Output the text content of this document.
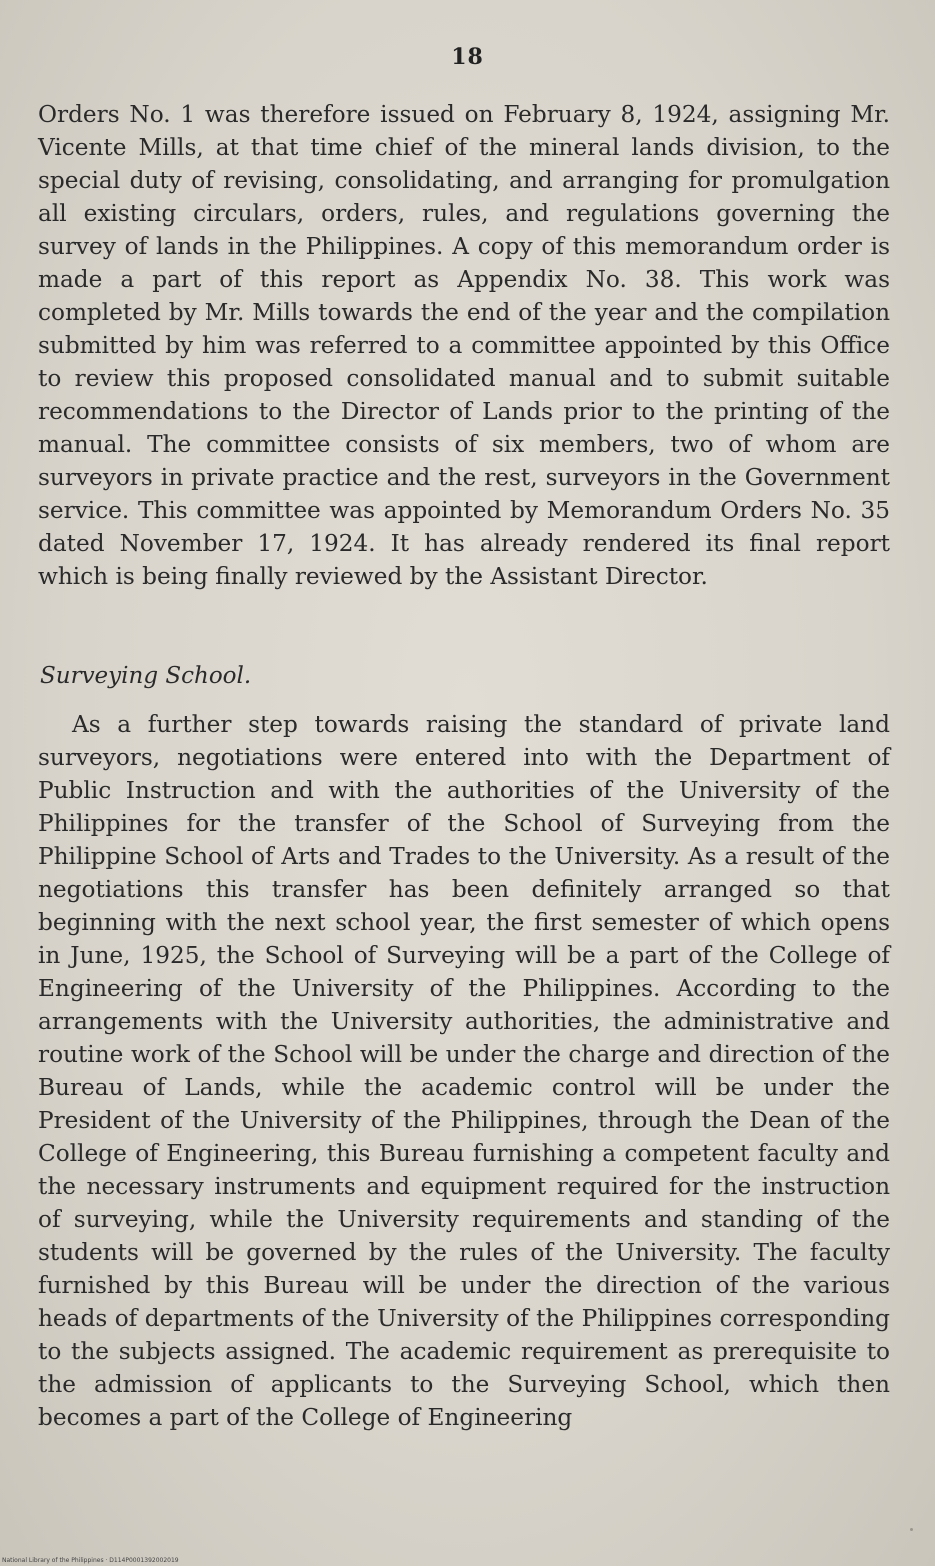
18

Orders No. 1 was therefore issued on February 8, 1924, assigning Mr. Vicente Mills, at that time chief of the mineral lands division, to the special duty of revising, consolidating, and arranging for promulgation all existing circulars, orders, rules, and regulations governing the survey of lands in the Philippines. A copy of this memorandum order is made a part of this report as Appendix No. 38. This work was completed by Mr. Mills towards the end of the year and the compilation submitted by him was referred to a committee appointed by this Office to review this proposed consolidated manual and to submit suitable recommendations to the Director of Lands prior to the printing of the manual. The committee consists of six members, two of whom are surveyors in private practice and the rest, surveyors in the Government service. This committee was appointed by Memorandum Orders No. 35 dated November 17, 1924. It has already rendered its final report which is being finally reviewed by the Assistant Director.

Surveying School.

As a further step towards raising the standard of private land surveyors, negotiations were entered into with the Department of Public Instruction and with the authorities of the University of the Philippines for the transfer of the School of Surveying from the Philippine School of Arts and Trades to the University. As a result of the negotiations this transfer has been definitely arranged so that beginning with the next school year, the first semester of which opens in June, 1925, the School of Surveying will be a part of the College of Engineering of the University of the Philippines. According to the arrangements with the University authorities, the administrative and routine work of the School will be under the charge and direction of the Bureau of Lands, while the academic control will be under the President of the University of the Philippines, through the Dean of the College of Engineering, this Bureau furnishing a competent faculty and the necessary instruments and equipment required for the instruction of surveying, while the University requirements and standing of the students will be governed by the rules of the University. The faculty furnished by this Bureau will be under the direction of the various heads of departments of the University of the Philippines corresponding to the subjects assigned. The academic requirement as prerequisite to the admission of applicants to the Surveying School, which then becomes a part of the College of Engineering

National Library of the Philippines · D114P0001392002019
